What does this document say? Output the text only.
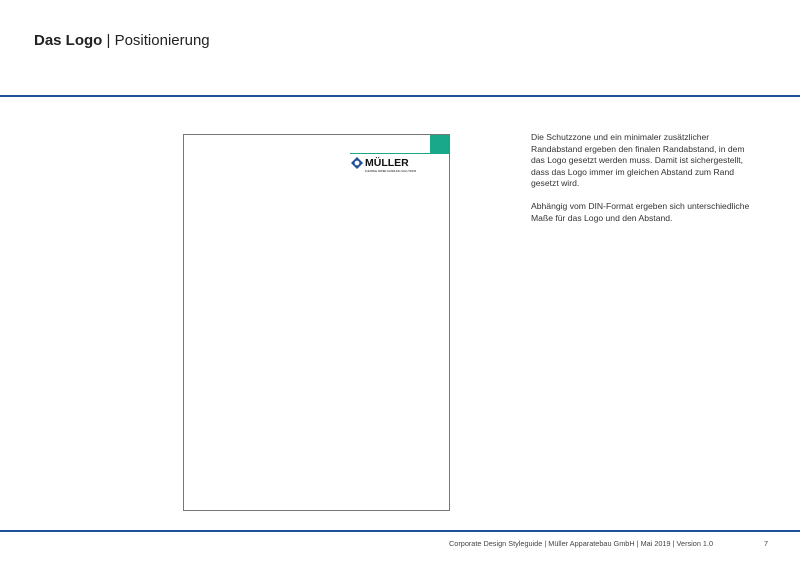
Das Logo | Positionierung
MÜLLER
FLEXIBLE PAPER HANDLING SOLUTIONS

Die Schutzzone und ein minimaler zusätzlicher Randabstand ergeben den finalen Randabstand, in dem das Logo gesetzt werden muss. Damit ist sichergestellt, dass das Logo immer im gleichen Abstand zum Rand gesetzt wird.

Abhängig vom DIN-Format ergeben sich unterschiedliche Maße für das Logo und den Abstand.

Corporate Design Styleguide | Müller Apparatebau GmbH | Mai 2019 | Version 1.0	7
